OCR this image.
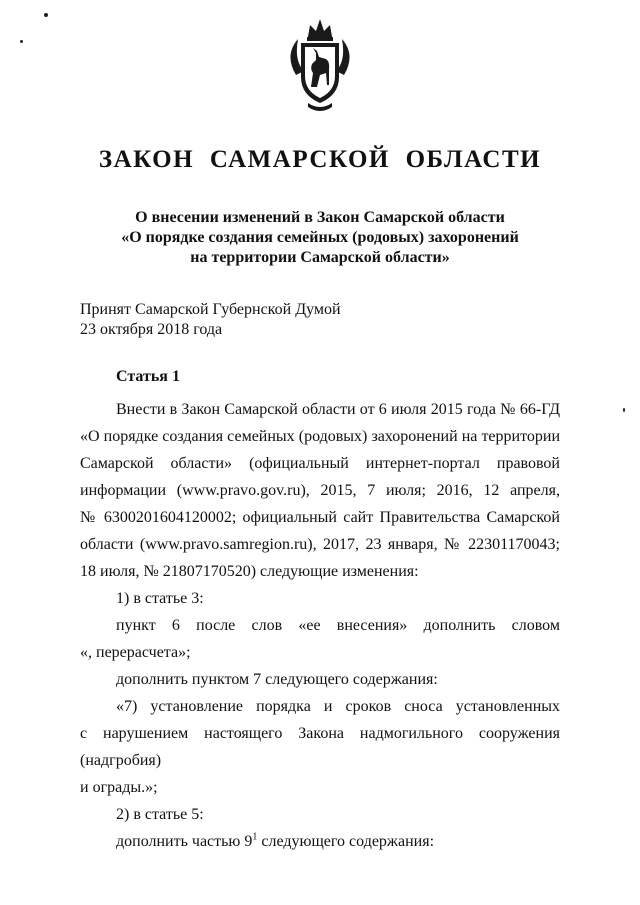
ЗАКОН САМАРСКОЙ ОБЛАСТИ
О внесении изменений в Закон Самарской области
«О порядке создания семейных (родовых) захоронений
на территории Самарской области»
Принят Самарской Губернской Думой
23 октября 2018 года
Статья 1

Внести в Закон Самарской области от 6 июля 2015 года № 66-ГД

«О порядке создания семейных (родовых) захоронений на территории

Самарской области» (официальный интернет-портал правовой

информации (www.pravo.gov.ru), 2015, 7 июля; 2016, 12 апреля,

№ 6300201604120002; официальный сайт Правительства Самарской

области (www.pravo.samregion.ru), 2017, 23 января, № 22301170043;

18 июля, № 21807170520) следующие изменения:

1) в статье 3:

пункт 6 после слов «ее внесения» дополнить словом

«, перерасчета»;

дополнить пунктом 7 следующего содержания:

«7) установление порядка и сроков сноса установленных

с нарушением настоящего Закона надмогильного сооружения (надгробия)

и ограды.»;

2) в статье 5:

дополнить частью $9^1$ следующего содержания:
